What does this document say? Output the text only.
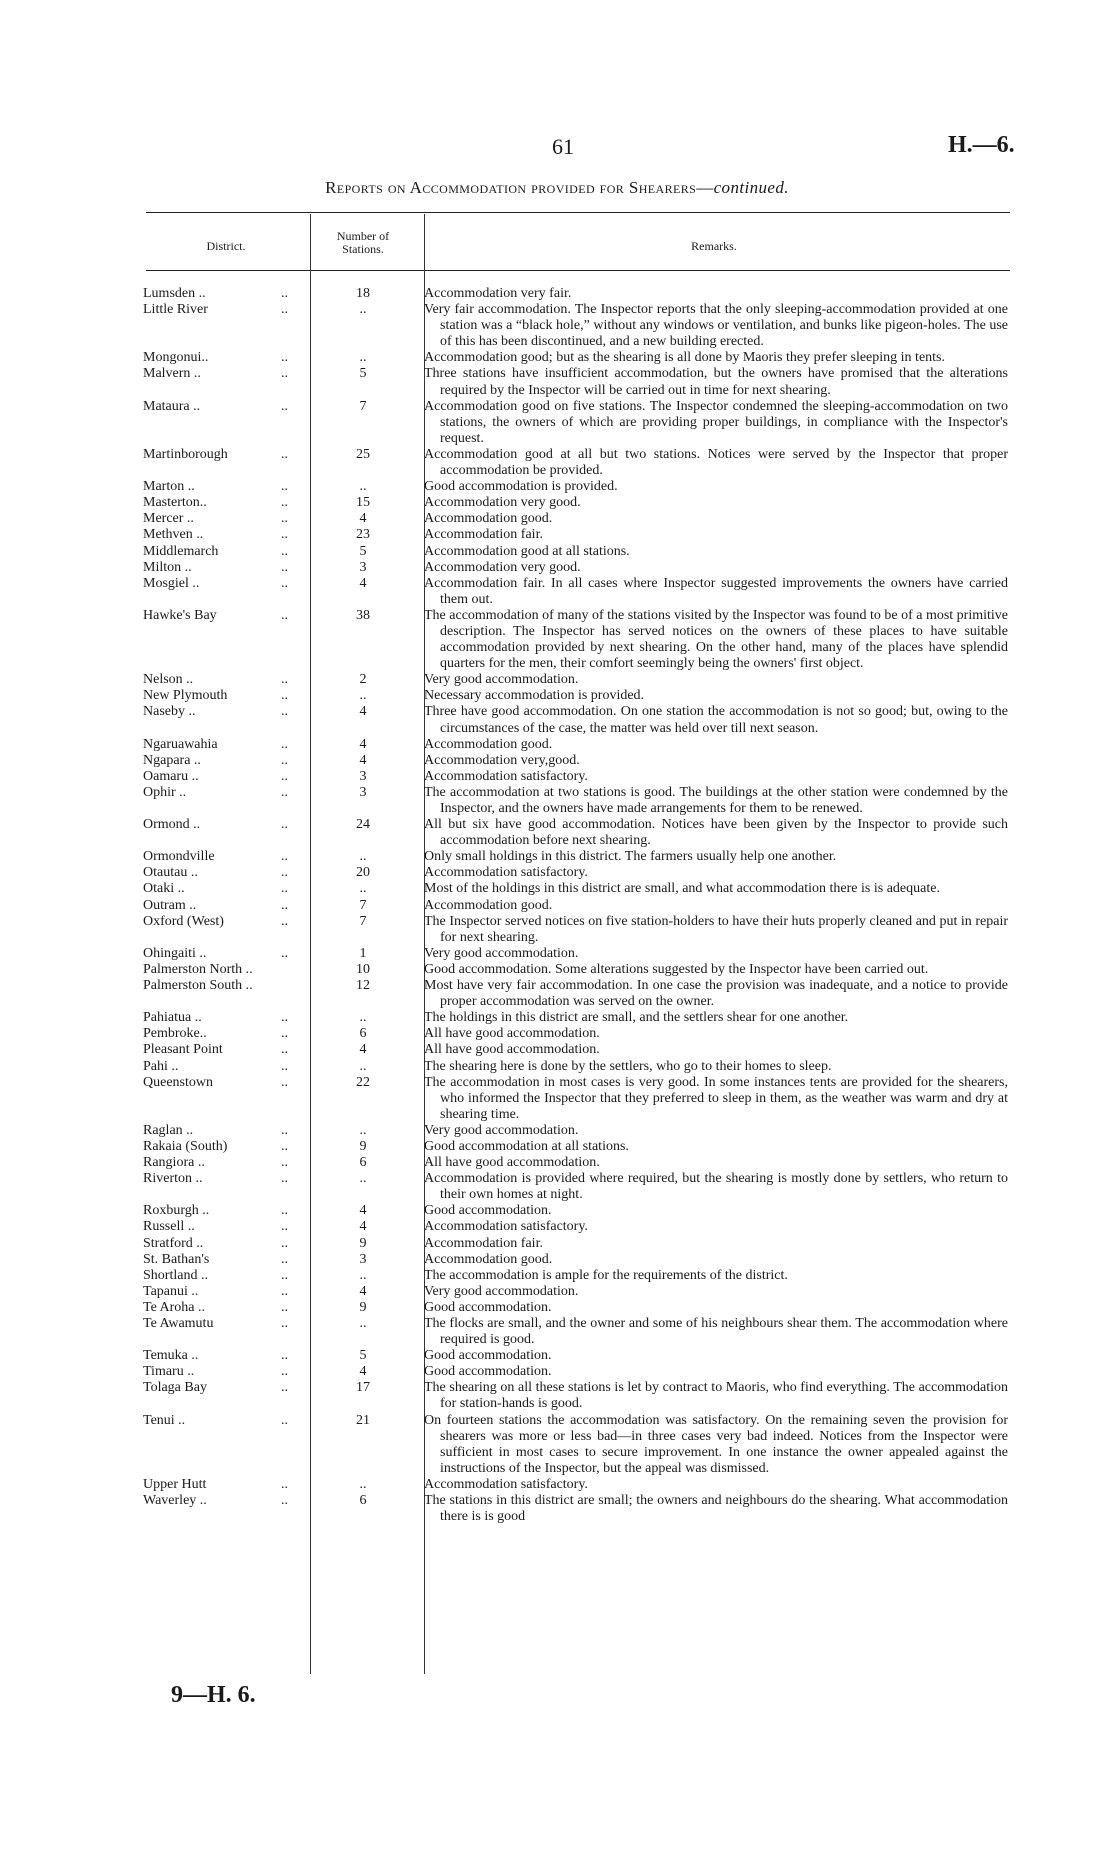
61	H.—6.
Reports on Accommodation provided for Shearers—continued.
District.
Number of Stations.	Remarks.
Lumsden ..	..	18	Accommodation very fair.
Little River	..	..	Very fair accommodation. The Inspector reports that the only sleeping-accommodation provided at one station was a “black hole,” without any windows or ventilation, and bunks like pigeon-holes. The use of this has been discontinued, and a new building erected.
Mongonui..	..	..	Accommodation good; but as the shearing is all done by Maoris they prefer sleeping in tents.
Malvern ..	..	5	Three stations have insufficient accommodation, but the owners have promised that the alterations required by the Inspector will be carried out in time for next shearing.
Mataura ..	..	7	Accommodation good on five stations. The Inspector condemned the sleeping-accommodation on two stations, the owners of which are providing proper buildings, in compliance with the Inspector's request.
Martinborough	..	25	Accommodation good at all but two stations. Notices were served by the Inspector that proper accommodation be provided.
Marton ..	..	..	Good accommodation is provided.
Masterton..	..	15	Accommodation very good.
Mercer ..	..	4	Accommodation good.
Methven ..	..	23	Accommodation fair.
Middlemarch	..	5	Accommodation good at all stations.
Milton ..	..	3	Accommodation very good.
Mosgiel ..	..	4	Accommodation fair. In all cases where Inspector suggested improvements the owners have carried them out.
Hawke's Bay	..	38	The accommodation of many of the stations visited by the Inspector was found to be of a most primitive description. The Inspector has served notices on the owners of these places to have suitable accommodation provided by next shearing. On the other hand, many of the places have splendid quarters for the men, their comfort seemingly being the owners' first object.
Nelson ..	..	2	Very good accommodation.
New Plymouth	..	..	Necessary accommodation is provided.
Naseby ..	..	4	Three have good accommodation. On one station the accommodation is not so good; but, owing to the circumstances of the case, the matter was held over till next season.
Ngaruawahia	..	4	Accommodation good.
Ngapara ..	..	4	Accommodation very,good.
Oamaru ..	..	3	Accommodation satisfactory.
Ophir ..	..	3	The accommodation at two stations is good. The buildings at the other station were condemned by the Inspector, and the owners have made arrangements for them to be renewed.
Ormond ..	..	24	All but six have good accommodation. Notices have been given by the Inspector to provide such accommodation before next shearing.
Ormondville	..	..	Only small holdings in this district. The farmers usually help one another.
Otautau ..	..	20	Accommodation satisfactory.
Otaki ..	..	..	Most of the holdings in this district are small, and what accommodation there is is adequate.
Outram ..	..	7	Accommodation good.
Oxford (West)	..	7	The Inspector served notices on five station-holders to have their huts properly cleaned and put in repair for next shearing.
Ohingaiti ..	..	1	Very good accommodation.
Palmerston North ..	10	Good accommodation. Some alterations suggested by the Inspector have been carried out.
Palmerston South ..	12	Most have very fair accommodation. In one case the provision was inadequate, and a notice to provide proper accommodation was served on the owner.
Pahiatua ..	..	..	The holdings in this district are small, and the settlers shear for one another.
Pembroke..	..	6	All have good accommodation.
Pleasant Point	..	4	All have good accommodation.
Pahi ..	..	..	The shearing here is done by the settlers, who go to their homes to sleep.
Queenstown	..	22	The accommodation in most cases is very good. In some instances tents are provided for the shearers, who informed the Inspector that they preferred to sleep in them, as the weather was warm and dry at shearing time.
Raglan ..	..	..	Very good accommodation.
Rakaia (South)	..	9	Good accommodation at all stations.
Rangiora ..	..	6	All have good accommodation.
Riverton ..	..	..	Accommodation is provided where required, but the shearing is mostly done by settlers, who return to their own homes at night.
Roxburgh ..	..	4	Good accommodation.
Russell ..	..	4	Accommodation satisfactory.
Stratford ..	..	9	Accommodation fair.
St. Bathan's	..	3	Accommodation good.
Shortland ..	..	..	The accommodation is ample for the requirements of the district.
Tapanui ..	..	4	Very good accommodation.
Te Aroha ..	..	9	Good accommodation.
Te Awamutu	..	..	The flocks are small, and the owner and some of his neighbours shear them. The accommodation where required is good.
Temuka ..	..	5	Good accommodation.
Timaru ..	..	4	Good accommodation.
Tolaga Bay	..	17	The shearing on all these stations is let by contract to Maoris, who find everything. The accommodation for station-hands is good.
Tenui ..	..	21	On fourteen stations the accommodation was satisfactory. On the remaining seven the provision for shearers was more or less bad—in three cases very bad indeed. Notices from the Inspector were sufficient in most cases to secure improvement. In one instance the owner appealed against the instructions of the Inspector, but the appeal was dismissed.
Upper Hutt	..	..	Accommodation satisfactory.
Waverley ..	..	6	The stations in this district are small; the owners and neighbours do the shearing. What accommodation there is is good
9—H. 6.
